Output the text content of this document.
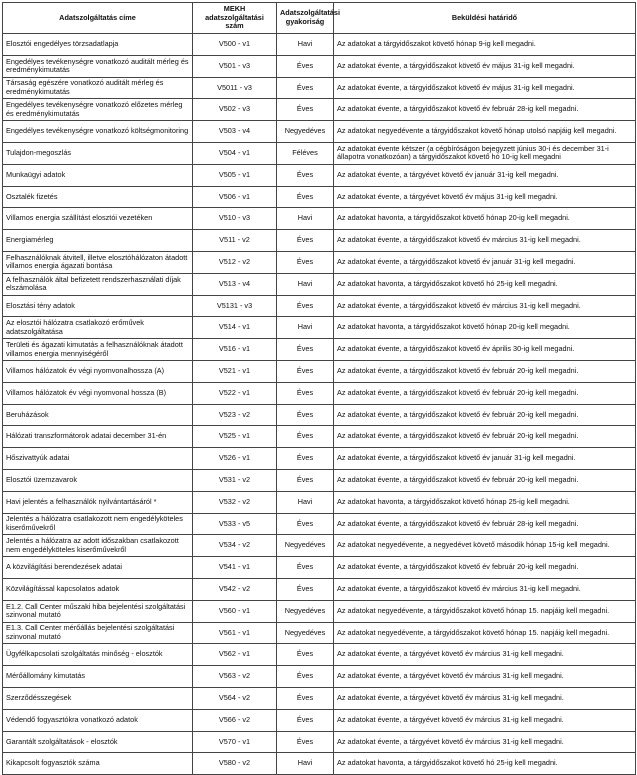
Adatszolgáltatás címe	MEKH adatszolgáltatási szám	Adatszolgáltatási gyakoriság	Beküldési határidő
Elosztói engedélyes törzsadatlapja	V500 - v1	Havi	Az adatokat a tárgyidőszakot követő hónap 9-ig kell megadni.
Engedélyes tevékenységre vonatkozó auditált mérleg és eredménykimutatás	V501 - v3	Éves	Az adatokat évente, a tárgyidőszakot követő év május 31-ig kell megadni.
Társaság egészére vonatkozó auditált mérleg és eredménykimutatás	V5011 - v3	Éves	Az adatokat évente, a tárgyidőszakot követő év május 31-ig kell megadni.
Engedélyes tevékenységre vonatkozó előzetes mérleg és eredménykimutatás	V502 - v3	Éves	Az adatokat évente, a tárgyidőszakot követő év február 28-ig kell megadni.
Engedélyes tevékenységre vonatkozó költségmonitoring	V503 - v4	Negyedéves	Az adatokat negyedévente a tárgyidőszakot követő hónap utolsó napjáig kell megadni.
Tulajdon-megoszlás	V504 - v1	Féléves	Az adatokat évente kétszer (a cégbíróságon bejegyzett június 30-i és december 31-i állapotra vonatkozóan) a tárgyidőszakot követő hó 10-ig kell megadni
Munkaügyi adatok	V505 - v1	Éves	Az adatokat évente, a tárgyévet követő év január 31-ig kell megadni.
Osztalék fizetés	V506 - v1	Éves	Az adatokat évente, a tárgyévet követő év május 31-ig kell megadni.
Villamos energia szállítást elosztói vezetéken	V510 - v3	Havi	Az adatokat havonta, a tárgyidőszakot követő hónap 20-ig kell megadni.
Energiamérleg	V511 - v2	Éves	Az adatokat évente, a tárgyidőszakot követő év március 31-ig kell megadni.
Felhasználóknak átvitell, illetve elosztóhálózaton átadott villamos energia ágazati bontása	V512 - v2	Éves	Az adatokat évente, a tárgyidőszakot követő év január 31-ig kell megadni.
A felhasználók által befizetett rendszerhasználati díjak elszámolása	V513 - v4	Havi	Az adatokat havonta, a tárgyidőszakot követő hó 25-ig kell megadni.
Elosztási tény adatok	V5131 - v3	Éves	Az adatokat évente, a tárgyidőszakot követő év március 31-ig kell megadni.
Az elosztói hálózatra csatlakozó erőművek adatszolgáltatása	V514 - v1	Havi	Az adatokat havonta, a tárgyidőszakot követő hónap 20-ig kell megadni.
Területi és ágazati kimutatás a felhasználóknak átadott villamos energia mennyiségéről	V516 - v1	Éves	Az adatokat évente, a tárgyidőszakot követő év április 30-ig kell megadni.
Villamos hálózatok év végi nyomvonalhossza (A)	V521 - v1	Éves	Az adatokat évente, a tárgyidőszakot követő év február 20-ig kell megadni.
Villamos hálózatok év végi nyomvonal hossza (B)	V522 - v1	Éves	Az adatokat évente, a tárgyidőszakot követő év február 20-ig kell megadni.
Beruházások	V523 - v2	Éves	Az adatokat évente, a tárgyidőszakot követő év február 20-ig kell megadni.
Hálózati transzformátorok adatai december 31-én	V525 - v1	Éves	Az adatokat évente, a tárgyidőszakot követő év február 20-ig kell megadni.
Hőszivattyúk adatai	V526 - v1	Éves	Az adatokat évente, a tárgyidőszakot követő év január 31-ig kell megadni.
Elosztói üzemzavarok	V531 - v2	Éves	Az adatokat évente, a tárgyidőszakot követő év február 20-ig kell megadni.
Havi jelentés a felhasználók nyilvántartásáról *	V532 - v2	Havi	Az adatokat havonta, a tárgyidőszakot követő hónap 25-ig kell megadni.
Jelentés a hálózatra csatlakozott nem engedélyköteles kiserőművekről	V533 - v5	Éves	Az adatokat évente, a tárgyidőszakot követő év február 28-ig kell megadni.
Jelentés a hálózatra az adott időszakban csatlakozott nem engedélyköteles kiserőművekről	V534 - v2	Negyedéves	Az adatokat negyedévente, a negyedévet követő második hónap 15-ig kell megadni.
A közvilágítási berendezések adatai	V541 - v1	Éves	Az adatokat évente, a tárgyidőszakot követő év február 20-ig kell megadni.
Közvilágítással kapcsolatos adatok	V542 - v2	Éves	Az adatokat évente, a tárgyidőszakot követő év március 31-ig kell megadni.
E1.2. Call Center műszaki hiba bejelentési szolgáltatási szinvonal mutató	V560 - v1	Negyedéves	Az adatokat negyedévente, a tárgyidőszakot követő hónap 15. napjáig kell megadni.
E1.3. Call Center mérőállás bejelentési szolgáltatási szinvonal mutató	V561 - v1	Negyedéves	Az adatokat negyedévente, a tárgyidőszakot követő hónap 15. napjáig kell megadni.
Ügyfélkapcsolati szolgáltatás minőség - elosztók	V562 - v1	Éves	Az adatokat évente, a tárgyévet követő év március 31-ig kell megadni.
Mérőállomány kimutatás	V563 - v2	Éves	Az adatokat évente, a tárgyévet követő év március 31-ig kell megadni.
Szerződésszegések	V564 - v2	Éves	Az adatokat évente, a tárgyévet követő év március 31-ig kell megadni.
Védendő fogyasztókra vonatkozó adatok	V566 - v2	Éves	Az adatokat évente, a tárgyévet követő év március 31-ig kell megadni.
Garantált szolgáltatások - elosztók	V570 - v1	Éves	Az adatokat évente, a tárgyévet követő év március 31-ig kell megadni.
Kikapcsolt fogyasztók száma	V580 - v2	Havi	Az adatokat havonta, a tárgyidőszakot követő hó 25-ig kell megadni.
